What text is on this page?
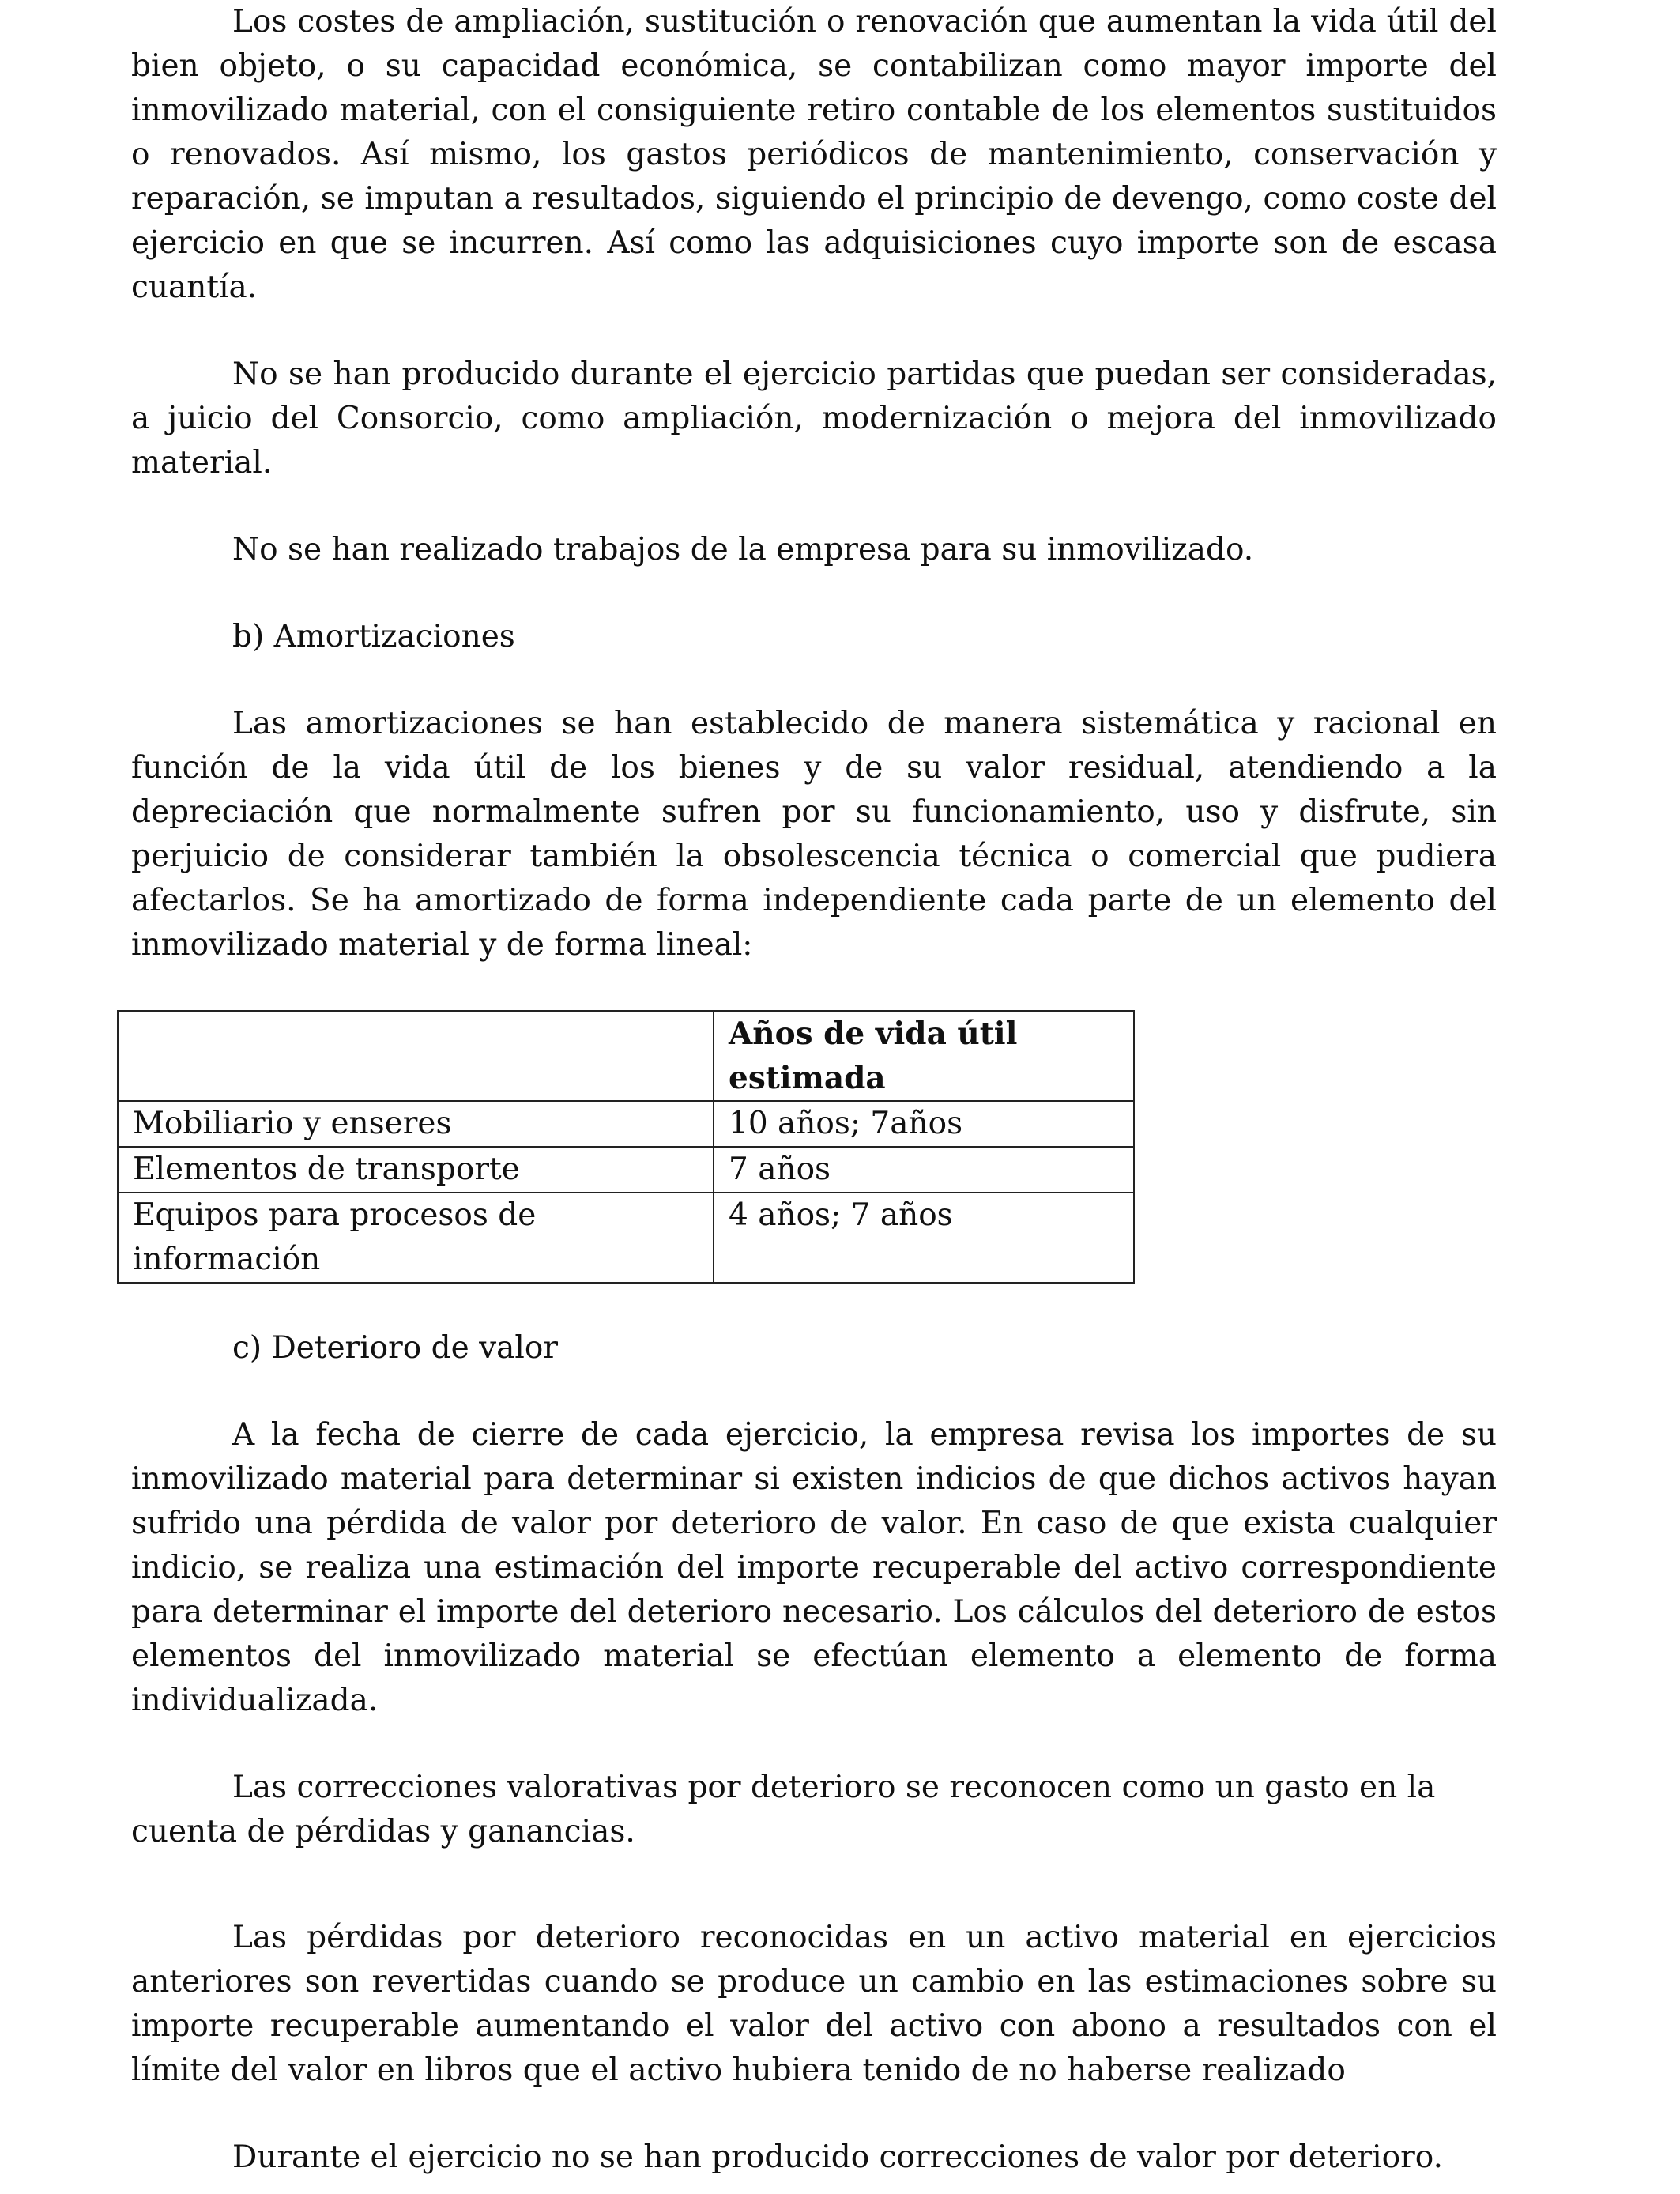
Los costes de ampliación, sustitución o renovación que aumentan la vida útil del bien objeto, o su capacidad económica, se contabilizan como mayor importe del inmovilizado material, con el consiguiente retiro contable de los elementos sustituidos o renovados. Así mismo, los gastos periódicos de mantenimiento, conservación y reparación, se imputan a resultados, siguiendo el principio de devengo, como coste del ejercicio en que se incurren. Así como las adquisiciones cuyo importe son de escasa cuantía.

No se han producido durante el ejercicio partidas que puedan ser consideradas, a juicio del Consorcio, como ampliación, modernización o mejora del inmovilizado material.

No se han realizado trabajos de la empresa para su inmovilizado.

b) Amortizaciones

Las amortizaciones se han establecido de manera sistemática y racional en función de la vida útil de los bienes y de su valor residual, atendiendo a la depreciación que normalmente sufren por su funcionamiento, uso y disfrute, sin perjuicio de considerar también la obsolescencia técnica o comercial que pudiera afectarlos. Se ha amortizado de forma independiente cada parte de un elemento del inmovilizado material y de forma lineal:

	Años de vida útil estimada
Mobiliario y enseres	10 años; 7años
Elementos de transporte	7 años
Equipos para procesos de información	4 años; 7 años

c) Deterioro de valor

A la fecha de cierre de cada ejercicio, la empresa revisa los importes de su inmovilizado material para determinar si existen indicios de que dichos activos hayan sufrido una pérdida de valor por deterioro de valor. En caso de que exista cualquier indicio, se realiza una estimación del importe recuperable del activo correspondiente para determinar el importe del deterioro necesario. Los cálculos del deterioro de estos elementos del inmovilizado material se efectúan elemento a elemento de forma individualizada.

Las correcciones valorativas por deterioro se reconocen como un gasto en la cuenta de pérdidas y ganancias.

Las pérdidas por deterioro reconocidas en un activo material en ejercicios anteriores son revertidas cuando se produce un cambio en las estimaciones sobre su importe recuperable aumentando el valor del activo con abono a resultados con el límite del valor en libros que el activo hubiera tenido de no haberse realizado

Durante el ejercicio no se han producido correcciones de valor por deterioro.
